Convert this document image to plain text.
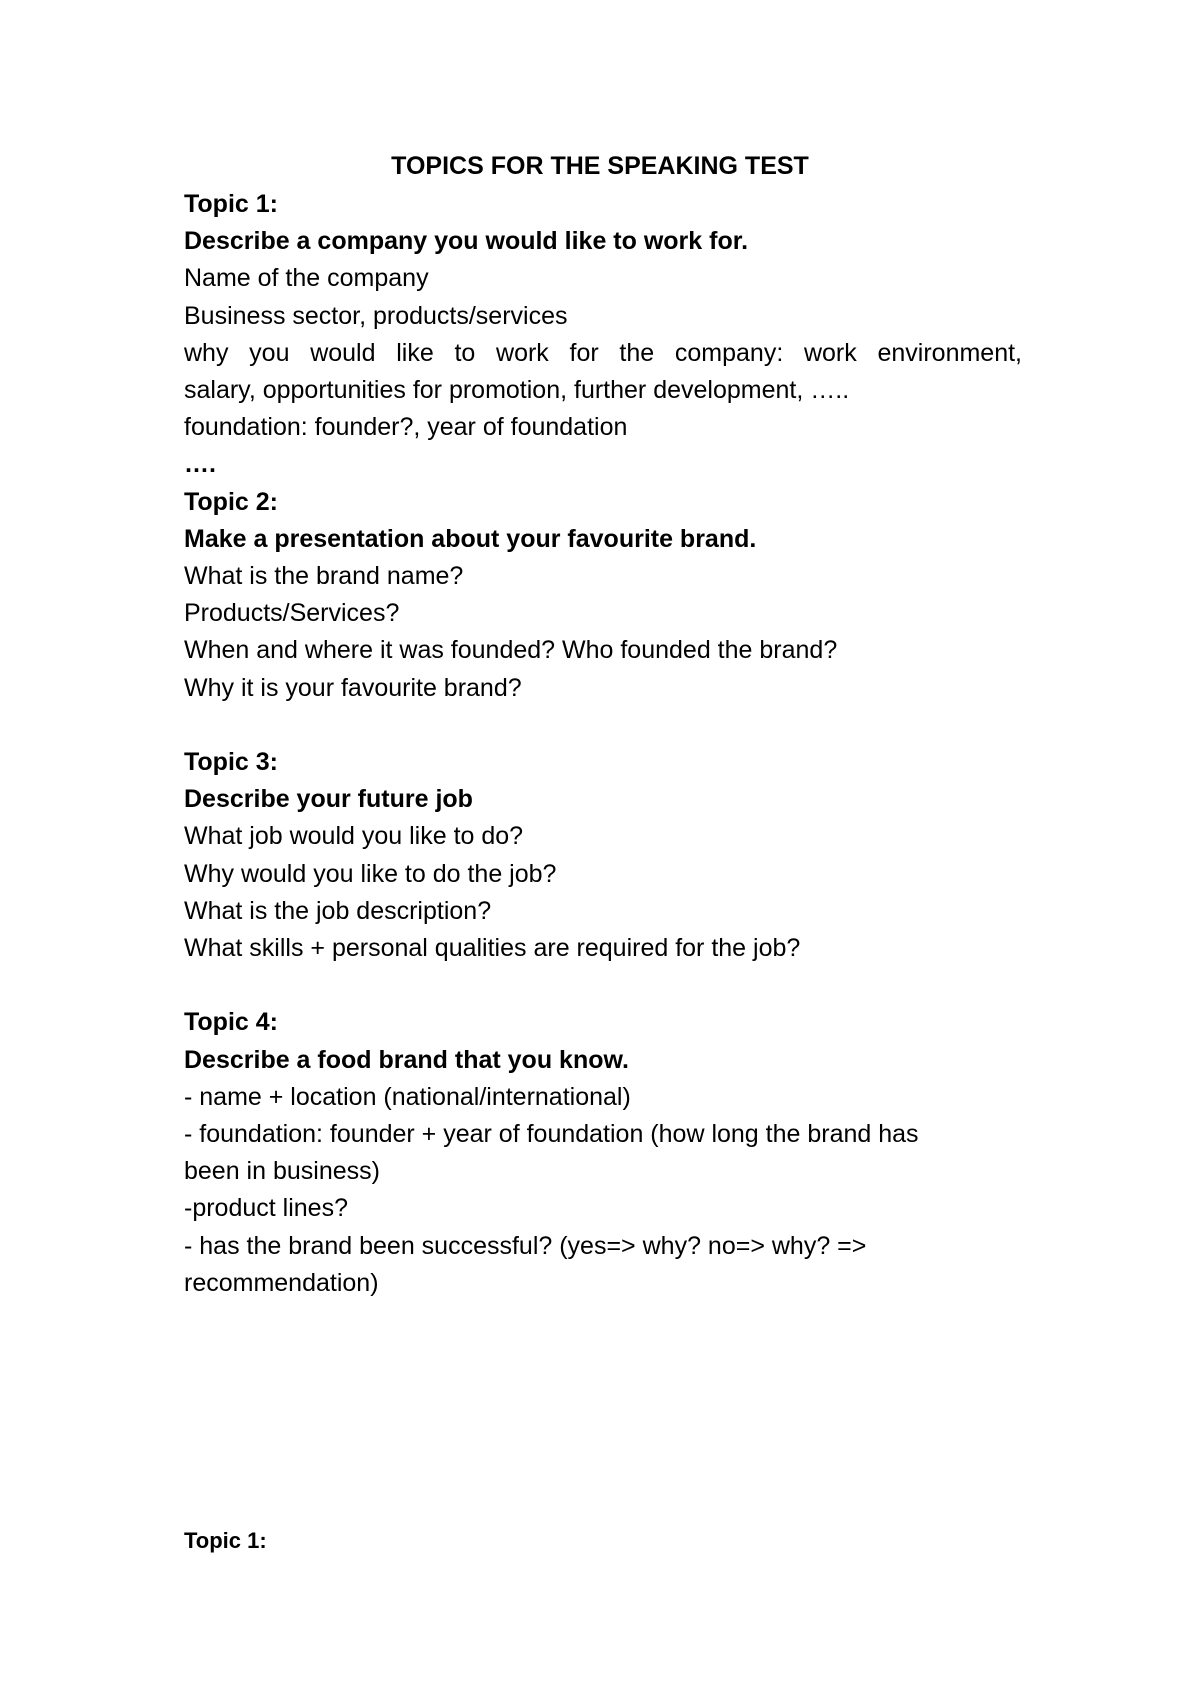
TOPICS FOR THE SPEAKING TEST

Topic 1:

Describe a company you would like to work for.

Name of the company

Business sector, products/services

why you would like to work for the company: work environment,

salary, opportunities for promotion, further development, …..

foundation: founder?, year of foundation

….

Topic 2:

Make a presentation about your favourite brand.

What is the brand name?

Products/Services?

When and where it was founded? Who founded the brand?

Why it is your favourite brand?

Topic 3:

Describe your future job

What job would you like to do?

Why would you like to do the job?

What is the job description?

What skills + personal qualities are required for the job?

Topic 4:

Describe a food brand that you know.

- name + location (national/international)

- foundation: founder + year of foundation (how long the brand has

been in business)

-product lines?

- has the brand been successful? (yes=> why? no=> why? =>

recommendation)

Topic 1:
